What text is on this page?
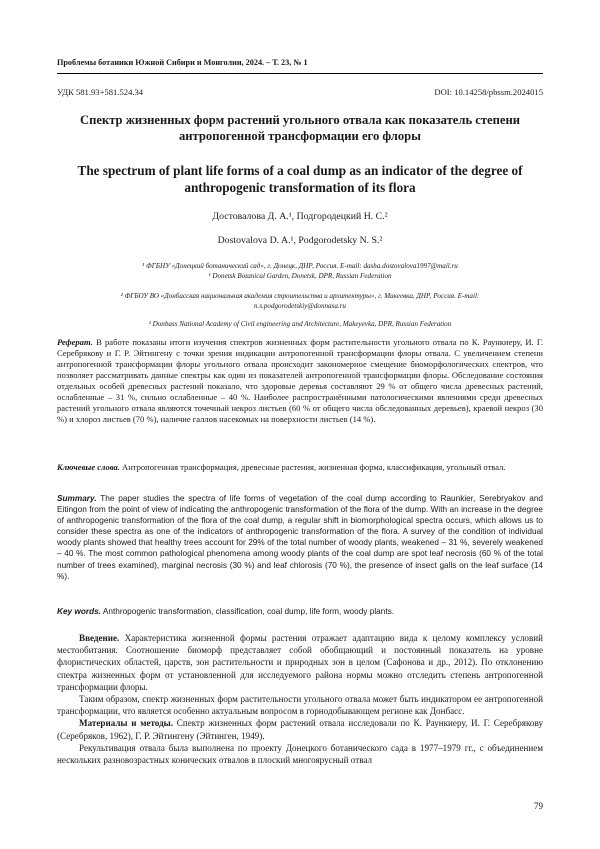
Проблемы ботаники Южной Сибири и Монголии, 2024. – Т. 23, № 1
УДК 581.93+581.524.34	DOI: 10.14258/pbssm.2024015
Спектр жизненных форм растений угольного отвала как показатель степени антропогенной трансформации его флоры
The spectrum of plant life forms of a coal dump as an indicator of the degree of anthropogenic transformation of its flora
Достовалова Д. А.¹, Подгородецкий Н. С.²
Dostovalova D. A.¹, Podgorodetsky N. S.²
¹ ФГБНУ «Донецкий ботанический сад», г. Донецк, ДНР, Россия. E-mail: dasha.dostovalova1997@mail.ru
¹ Donetsk Botanical Garden, Donetsk, DPR, Russian Federation
² ФГБОУ ВО «Донбасская национальная академия строительства и архитектуры», г. Макеевка, ДНР, Россия. E-mail:
n.s.podgorodetskiy@donnasa.ru
Реферат. В работе показаны итоги изучения спектров жизненных форм растительности угольного отвала по К. Раункиеру, И. Г. Серебрякову и Г. Р. Эйтингену с точки зрения индикации антропогенной трансформации флоры отвала. С увеличением степени антропогенной трансформации флоры угольного отвала происходит закономерное смещение биоморфологических спектров, что позволяет рассматривать данные спектры как один из показателей антропогенной трансформации флоры. Обследование состояния отдельных особей древесных растений показало, что здоровые деревья составляют 29 % от общего числа древесных растений, ослабленные – 31 %, сильно ослабленные – 40 %. Наиболее распространёнными патологическими явлениями среди древесных растений угольного отвала являются точечный некроз листьев (60 % от общего числа обследованных деревьев), краевой некроз (30 %) и хлороз листьев (70 %), наличие галлов насекомых на поверхности листьев (14 %).
Ключевые слова. Антропогенная трансформация, древесные растения, жизненная форма, классификация, угольный отвал.
Summary. The paper studies the spectra of life forms of vegetation of the coal dump according to Raunkier, Serebryakov and Eitingon from the point of view of indicating the anthropogenic transformation of the flora of the dump. With an increase in the degree of anthropogenic transformation of the flora of the coal dump, a regular shift in biomorphological spectra occurs, which allows us to consider these spectra as one of the indicators of anthropogenic transformation of the flora. A survey of the condition of individual woody plants showed that healthy trees account for 29% of the total number of woody plants, weakened – 31 %, severely weakened – 40 %. The most common pathological phenomena among woody plants of the coal dump are spot leaf necrosis (60 % of the total number of trees examined), marginal necrosis (30 %) and leaf chlorosis (70 %), the presence of insect galls on the leaf surface (14 %).
Key words. Anthropogenic transformation, classification, coal dump, life form, woody plants.

Введение. Характеристика жизненной формы растения отражает адаптацию вида к целому комплексу условий местообитания. Соотношение биоморф представляет собой обобщающий и постоянный показатель на уровне флористических областей, царств, зон растительности и природных зон в целом (Сафонова и др., 2012). По отклонению спектра жизненных форм от установленной для исследуемого района нормы можно отследить степень антропогенной трансформации флоры.

Таким образом, спектр жизненных форм растительности угольного отвала может быть индикатором ее антропогенной трансформации, что является особенно актуальным вопросом в горнодобывающем регионе как Донбасс.

Материалы и методы. Спектр жизненных форм растений отвала исследовали по К. Раункиеру, И. Г. Серебрякову (Серебряков, 1962), Г. Р. Эйтингену (Эйтинген, 1949).

Рекультивация отвала была выполнена по проекту Донецкого ботанического сада в 1977–1979 гг., с объединением нескольких разновозрастных конических отвалов в плоский многоярусный отвал

79
² Donbass National Academy of Civil engineering and Architecture, Makeyevka, DPR, Russian Federation
